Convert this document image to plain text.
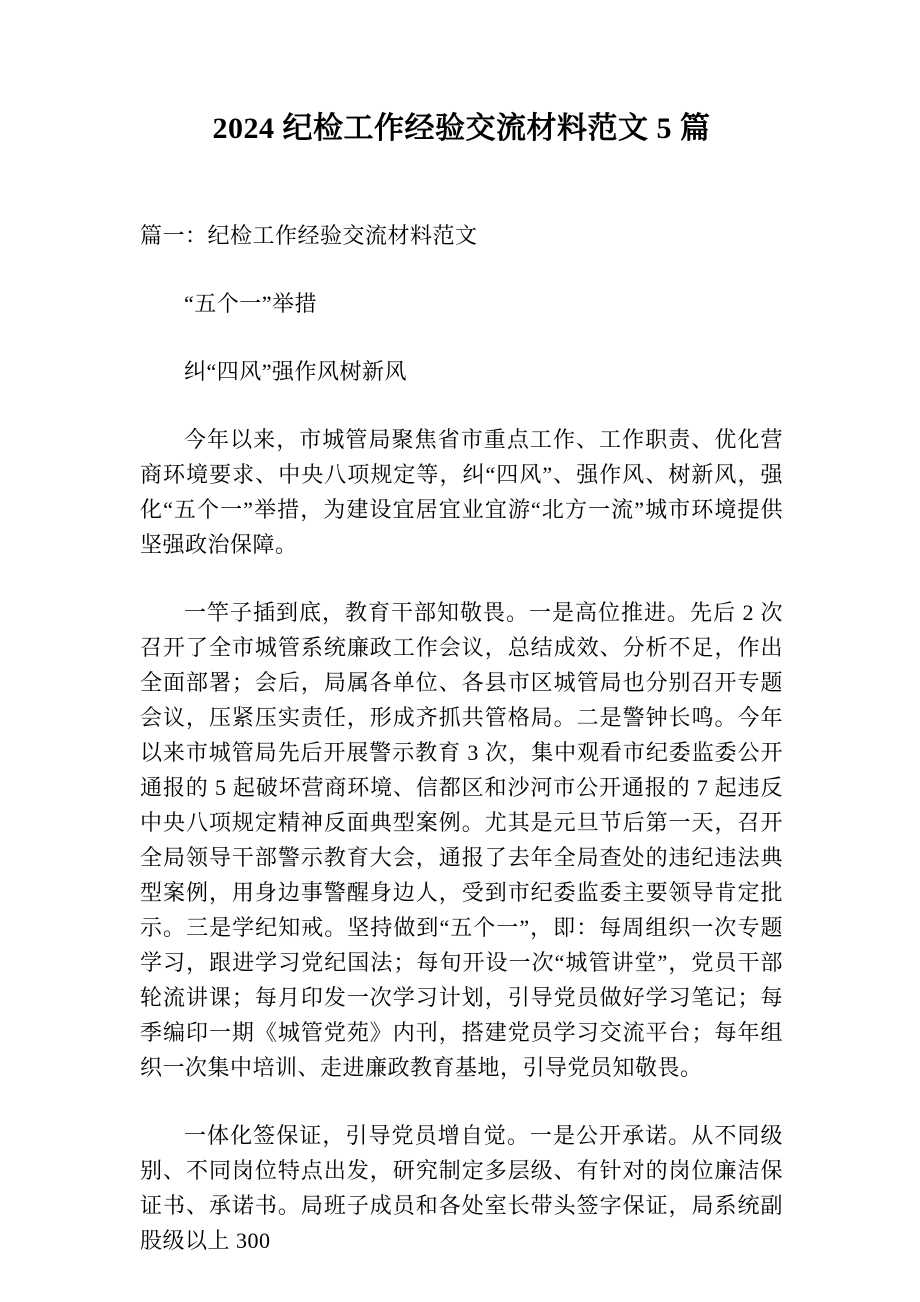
2024 纪检工作经验交流材料范文 5 篇

篇一：纪检工作经验交流材料范文

“五个一”举措

纠“四风”强作风树新风

今年以来，市城管局聚焦省市重点工作、工作职责、优化营商环境要求、中央八项规定等，纠“四风”、强作风、树新风，强化“五个一”举措，为建设宜居宜业宜游“北方一流”城市环境提供坚强政治保障。

一竿子插到底，教育干部知敬畏。一是高位推进。先后 2 次召开了全市城管系统廉政工作会议，总结成效、分析不足，作出全面部署；会后，局属各单位、各县市区城管局也分别召开专题会议，压紧压实责任，形成齐抓共管格局。二是警钟长鸣。今年以来市城管局先后开展警示教育 3 次，集中观看市纪委监委公开通报的 5 起破坏营商环境、信都区和沙河市公开通报的 7 起违反中央八项规定精神反面典型案例。尤其是元旦节后第一天，召开全局领导干部警示教育大会，通报了去年全局查处的违纪违法典型案例，用身边事警醒身边人，受到市纪委监委主要领导肯定批示。三是学纪知戒。坚持做到“五个一”，即：每周组织一次专题学习，跟进学习党纪国法；每旬开设一次“城管讲堂”，党员干部轮流讲课；每月印发一次学习计划，引导党员做好学习笔记；每季编印一期《城管党苑》内刊，搭建党员学习交流平台；每年组织一次集中培训、走进廉政教育基地，引导党员知敬畏。

一体化签保证，引导党员增自觉。一是公开承诺。从不同级别、不同岗位特点出发，研究制定多层级、有针对的岗位廉洁保证书、承诺书。局班子成员和各处室长带头签字保证，局系统副股级以上 300
